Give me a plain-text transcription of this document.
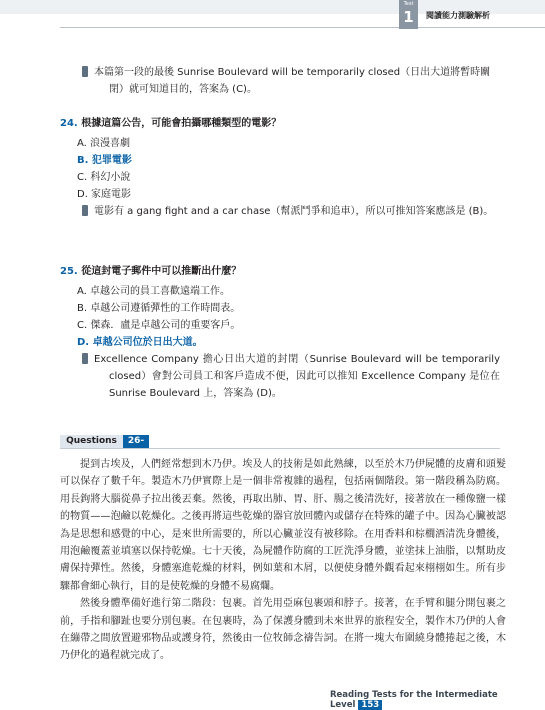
Test
1	閱讀能力測驗解析
解析 本篇第一段的最後 Sunrise Boulevard will be temporarily closed（日出大道將暫時關閉）就可知道目的，答案為 (C)。
24. 根據這篇公告，可能會拍攝哪種類型的電影？
A. 浪漫喜劇
B. 犯罪電影
C. 科幻小說
D. 家庭電影
解析 電影有 a gang fight and a car chase（幫派鬥爭和追車），所以可推知答案應該是 (B)。
25. 從這封電子郵件中可以推斷出什麼？
A. 卓越公司的員工喜歡遠端工作。
B. 卓越公司遵循彈性的工作時間表。
C. 傑森．盧是卓越公司的重要客戶。
D. 卓越公司位於日出大道。
解析 Excellence Company 擔心日出大道的封閉（Sunrise Boulevard will be temporarily closed）會對公司員工和客戶造成不便，因此可以推知 Excellence Company 是位在 Sunrise Boulevard 上，答案為 (D)。
Questions	26-28

提到古埃及，人們經常想到木乃伊。埃及人的技術是如此熟練，以至於木乃伊屍體的皮膚和頭髮可以保存了數千年。製造木乃伊實際上是一個非常複雜的過程，包括兩個階段。第一階段稱為防腐。用長鉤將大腦從鼻子拉出後丟棄。然後，再取出肺、胃、肝、腸之後清洗好，接著放在一種像鹽一樣的物質——泡鹼以乾燥化。之後再將這些乾燥的器官放回體內或儲存在特殊的罐子中。因為心臟被認為是思想和感覺的中心，是來世所需要的，所以心臟並沒有被移除。在用香料和棕櫚酒清洗身體後，用泡鹼覆蓋並填塞以保持乾燥。七十天後，為屍體作防腐的工匠洗淨身體，並塗抹上油脂，以幫助皮膚保持彈性。然後，身體塞進乾燥的材料，例如葉和木屑，以便使身體外觀看起來栩栩如生。所有步驟都會細心執行，目的是使乾燥的身體不易腐爛。

然後身體準備好進行第二階段：包裹。首先用亞麻包裹頭和脖子。接著，在手臂和腿分開包裹之前，手指和腳趾也要分別包裹。在包裹時，為了保護身體到未來世界的旅程安全，製作木乃伊的人會在繃帶之間放置避邪物品或護身符，然後由一位牧師念禱告詞。在將一塊大布圍繞身體捲起之後，木乃伊化的過程就完成了。

Reading Tests for the Intermediate Level 153
